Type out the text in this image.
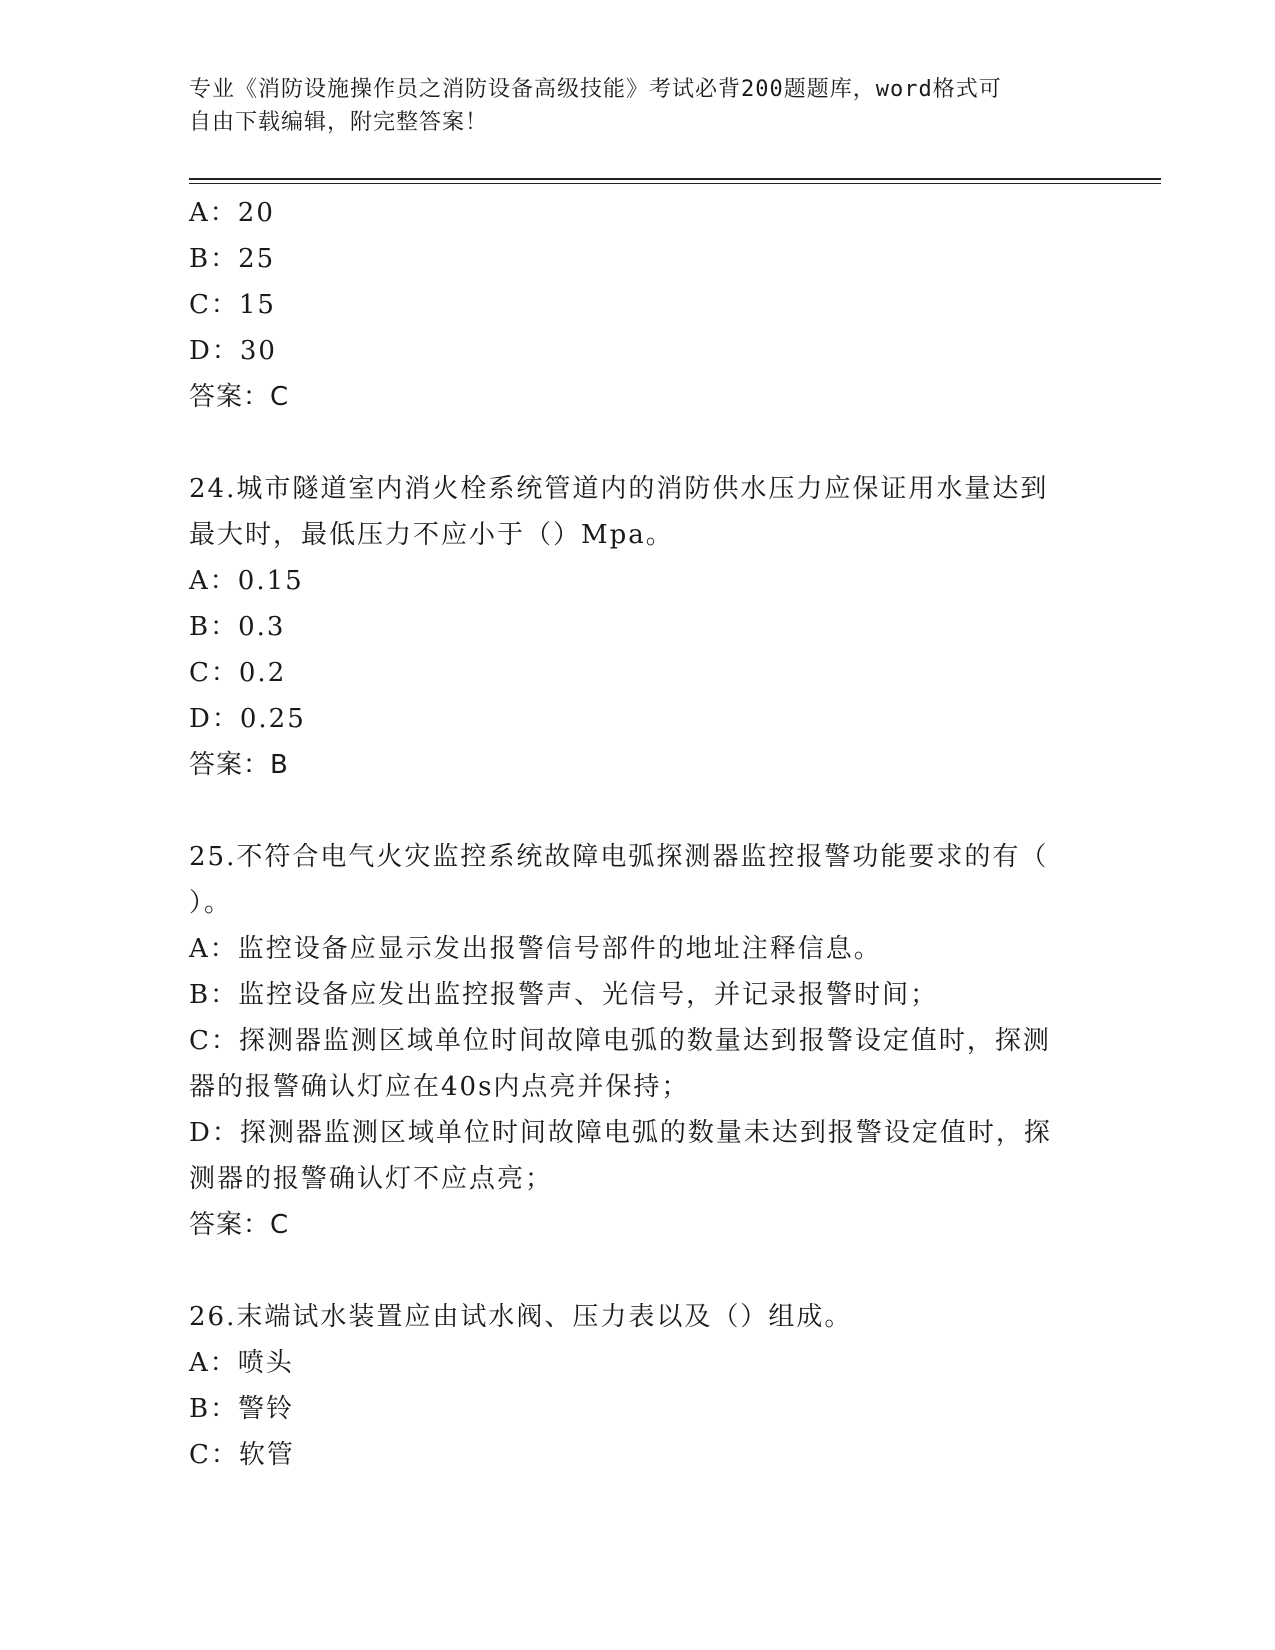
专业《消防设施操作员之消防设备高级技能》考试必背200题题库，word格式可
自由下载编辑，附完整答案！
A：20
B：25
C：15
D：30
答案：C
24.城市隧道室内消火栓系统管道内的消防供水压力应保证用水量达到
最大时，最低压力不应小于（）Mpa。
A：0.15
B：0.3
C：0.2
D：0.25
答案：B
25.不符合电气火灾监控系统故障电弧探测器监控报警功能要求的有（
）。
A：监控设备应显示发出报警信号部件的地址注释信息。
B：监控设备应发出监控报警声、光信号，并记录报警时间；
C：探测器监测区域单位时间故障电弧的数量达到报警设定值时，探测
器的报警确认灯应在40s内点亮并保持；
D：探测器监测区域单位时间故障电弧的数量未达到报警设定值时，探
测器的报警确认灯不应点亮；
答案：C
26.末端试水装置应由试水阀、压力表以及（）组成。
A：喷头
B：警铃
C：软管
